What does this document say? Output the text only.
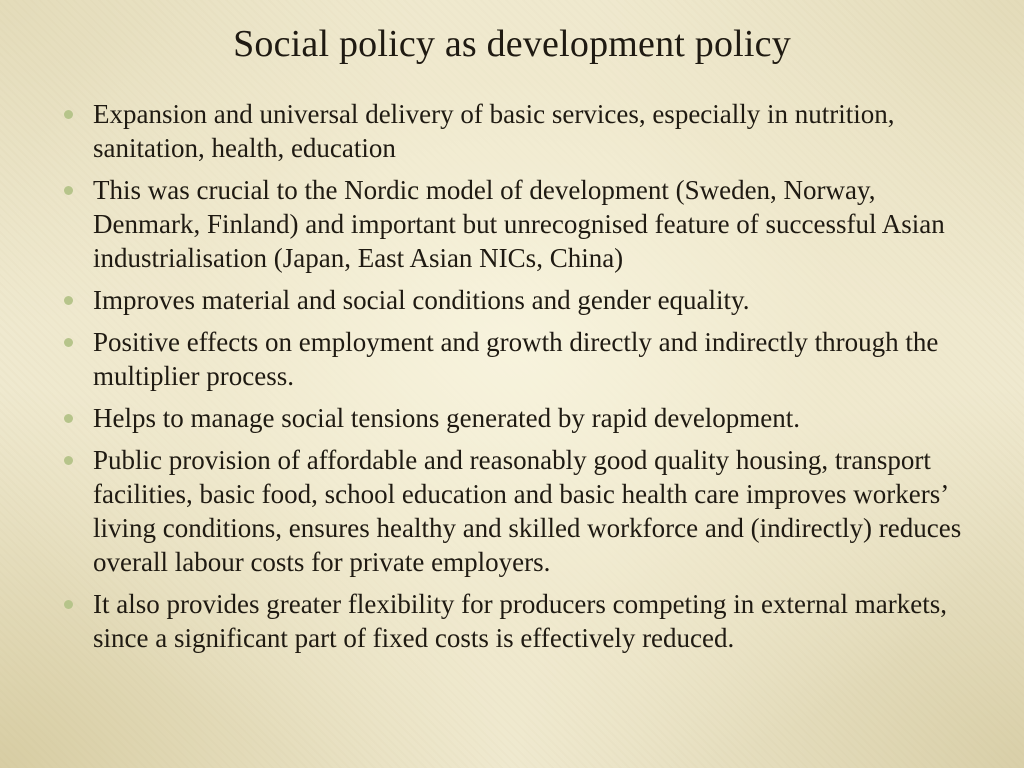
Social policy as development policy
Expansion and universal delivery of basic services, especially in nutrition, sanitation, health, education
This was crucial to the Nordic model of development (Sweden, Norway, Denmark, Finland) and important but unrecognised feature of successful Asian industrialisation (Japan, East Asian NICs, China)
Improves material and social conditions and gender equality.
Positive effects on employment and growth directly and indirectly through the multiplier process.
Helps to manage social tensions generated by rapid development.
Public provision of affordable and reasonably good quality housing, transport facilities, basic food, school education and basic health care improves workers’ living conditions, ensures healthy and skilled workforce and (indirectly) reduces overall labour costs for private employers.
It also provides greater flexibility for producers competing in external markets, since a significant part of fixed costs is effectively reduced.
